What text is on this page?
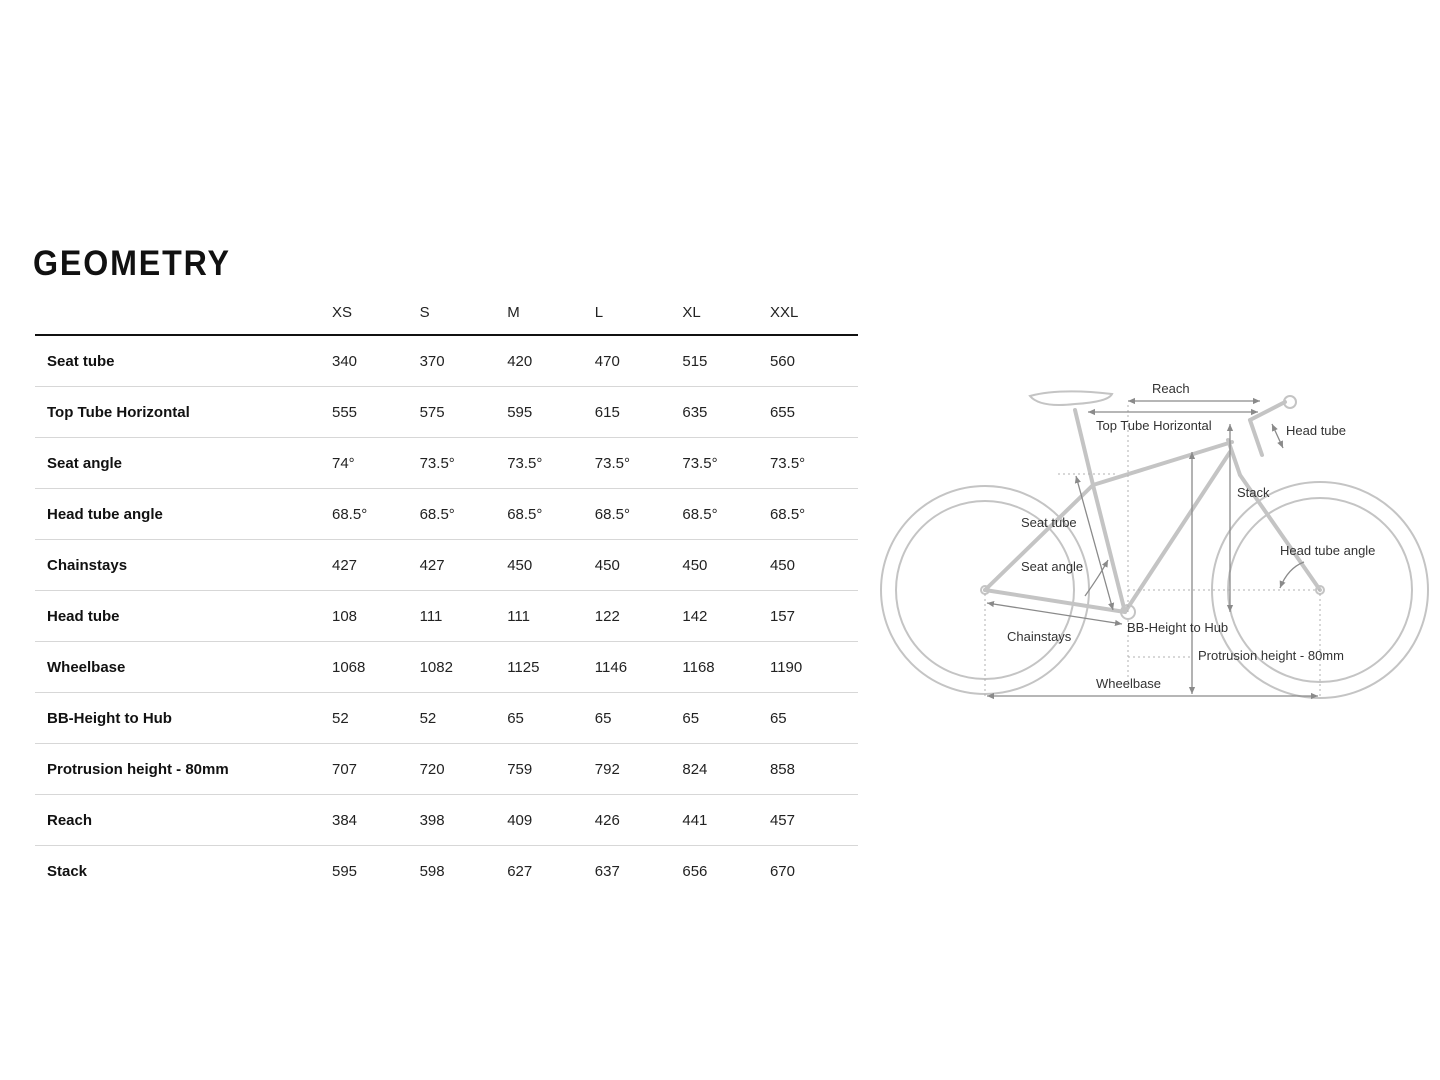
GEOMETRY
	XS	S	M	L	XL	XXL
Seat tube	340	370	420	470	515	560
Top Tube Horizontal	555	575	595	615	635	655
Seat angle	74°	73.5°	73.5°	73.5°	73.5°	73.5°
Head tube angle	68.5°	68.5°	68.5°	68.5°	68.5°	68.5°
Chainstays	427	427	450	450	450	450
Head tube	108	111	111	122	142	157
Wheelbase	1068	1082	1125	1146	1168	1190
BB-Height to Hub	52	52	65	65	65	65
Protrusion height - 80mm	707	720	759	792	824	858
Reach	384	398	409	426	441	457
Stack	595	598	627	637	656	670
Reach
Top Tube Horizontal	Head tube
Stack
Seat tube
Head tube angle
Seat angle
Chainstays
BB-Height to Hub
Protrusion height - 80mm
Wheelbase
